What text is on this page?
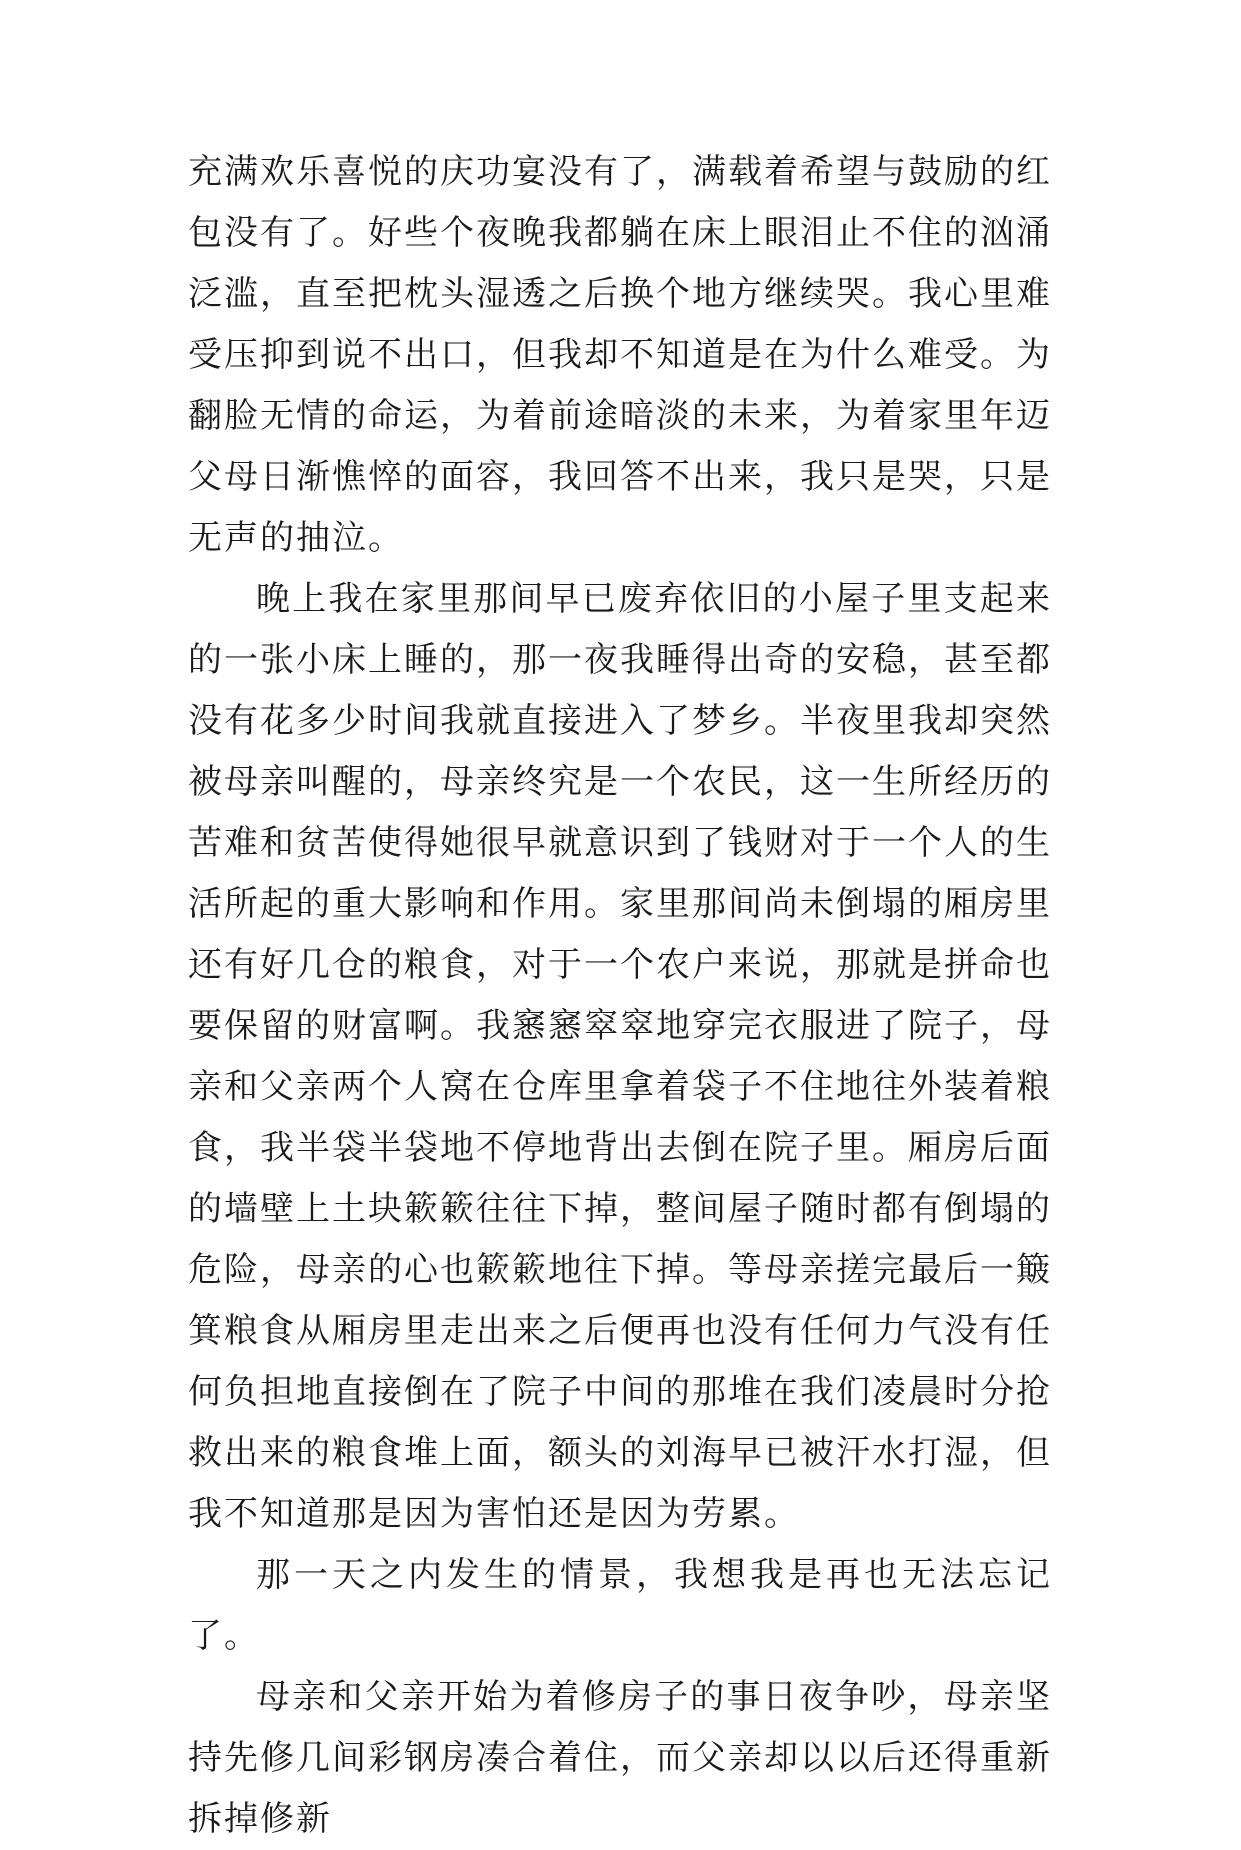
充满欢乐喜悦的庆功宴没有了，满载着希望与鼓励的红包没有了。好些个夜晚我都躺在床上眼泪止不住的汹涌泛滥，直至把枕头湿透之后换个地方继续哭。我心里难受压抑到说不出口，但我却不知道是在为什么难受。为翻脸无情的命运，为着前途暗淡的未来，为着家里年迈父母日渐憔悴的面容，我回答不出来，我只是哭，只是无声的抽泣。

晚上我在家里那间早已废弃依旧的小屋子里支起来的一张小床上睡的，那一夜我睡得出奇的安稳，甚至都没有花多少时间我就直接进入了梦乡。半夜里我却突然被母亲叫醒的，母亲终究是一个农民，这一生所经历的苦难和贫苦使得她很早就意识到了钱财对于一个人的生活所起的重大影响和作用。家里那间尚未倒塌的厢房里还有好几仓的粮食，对于一个农户来说，那就是拼命也要保留的财富啊。我窸窸窣窣地穿完衣服进了院子，母亲和父亲两个人窝在仓库里拿着袋子不住地往外装着粮食，我半袋半袋地不停地背出去倒在院子里。厢房后面的墙壁上土块簌簌往往下掉，整间屋子随时都有倒塌的危险，母亲的心也簌簌地往下掉。等母亲搓完最后一簸箕粮食从厢房里走出来之后便再也没有任何力气没有任何负担地直接倒在了院子中间的那堆在我们凌晨时分抢救出来的粮食堆上面，额头的刘海早已被汗水打湿，但我不知道那是因为害怕还是因为劳累。

那一天之内发生的情景，我想我是再也无法忘记了。

母亲和父亲开始为着修房子的事日夜争吵，母亲坚持先修几间彩钢房凑合着住，而父亲却以以后还得重新拆掉修新
